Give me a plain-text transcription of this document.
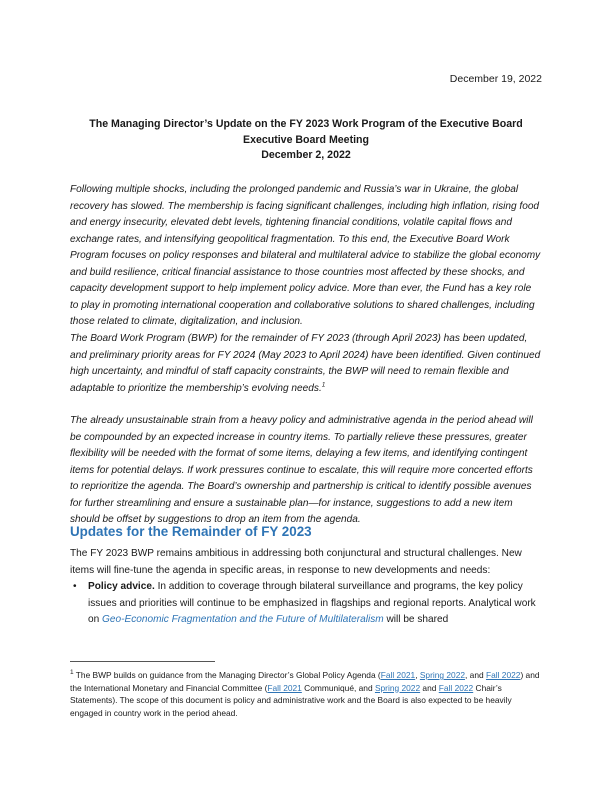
December 19, 2022
The Managing Director’s Update on the FY 2023 Work Program of the Executive Board
Executive Board Meeting
December 2, 2022
Following multiple shocks, including the prolonged pandemic and Russia’s war in Ukraine, the global recovery has slowed. The membership is facing significant challenges, including high inflation, rising food and energy insecurity, elevated debt levels, tightening financial conditions, volatile capital flows and exchange rates, and intensifying geopolitical fragmentation. To this end, the Executive Board Work Program focuses on policy responses and bilateral and multilateral advice to stabilize the global economy and build resilience, critical financial assistance to those countries most affected by these shocks, and capacity development support to help implement policy advice. More than ever, the Fund has a key role to play in promoting international cooperation and collaborative solutions to shared challenges, including those related to climate, digitalization, and inclusion.
The Board Work Program (BWP) for the remainder of FY 2023 (through April 2023) has been updated, and preliminary priority areas for FY 2024 (May 2023 to April 2024) have been identified. Given continued high uncertainty, and mindful of staff capacity constraints, the BWP will need to remain flexible and adaptable to prioritize the membership’s evolving needs.$^1$
The already unsustainable strain from a heavy policy and administrative agenda in the period ahead will be compounded by an expected increase in country items. To partially relieve these pressures, greater flexibility will be needed with the format of some items, delaying a few items, and identifying contingent items for potential delays. If work pressures continue to escalate, this will require more concerted efforts to reprioritize the agenda. The Board’s ownership and partnership is critical to identify possible avenues for further streamlining and ensure a sustainable plan—for instance, suggestions to add a new item should be offset by suggestions to drop an item from the agenda.
Updates for the Remainder of FY 2023
The FY 2023 BWP remains ambitious in addressing both conjunctural and structural challenges. New items will fine-tune the agenda in specific areas, in response to new developments and needs:
• Policy advice. In addition to coverage through bilateral surveillance and programs, the key policy issues and priorities will continue to be emphasized in flagships and regional reports. Analytical work on Geo-Economic Fragmentation and the Future of Multilateralism will be shared
$^1$ The BWP builds on guidance from the Managing Director’s Global Policy Agenda (Fall 2021, Spring 2022, and Fall 2022) and the International Monetary and Financial Committee (Fall 2021 Communiqué, and Spring 2022 and Fall 2022 Chair’s Statements). The scope of this document is policy and administrative work and the Board is also expected to be heavily engaged in country work in the period ahead.
